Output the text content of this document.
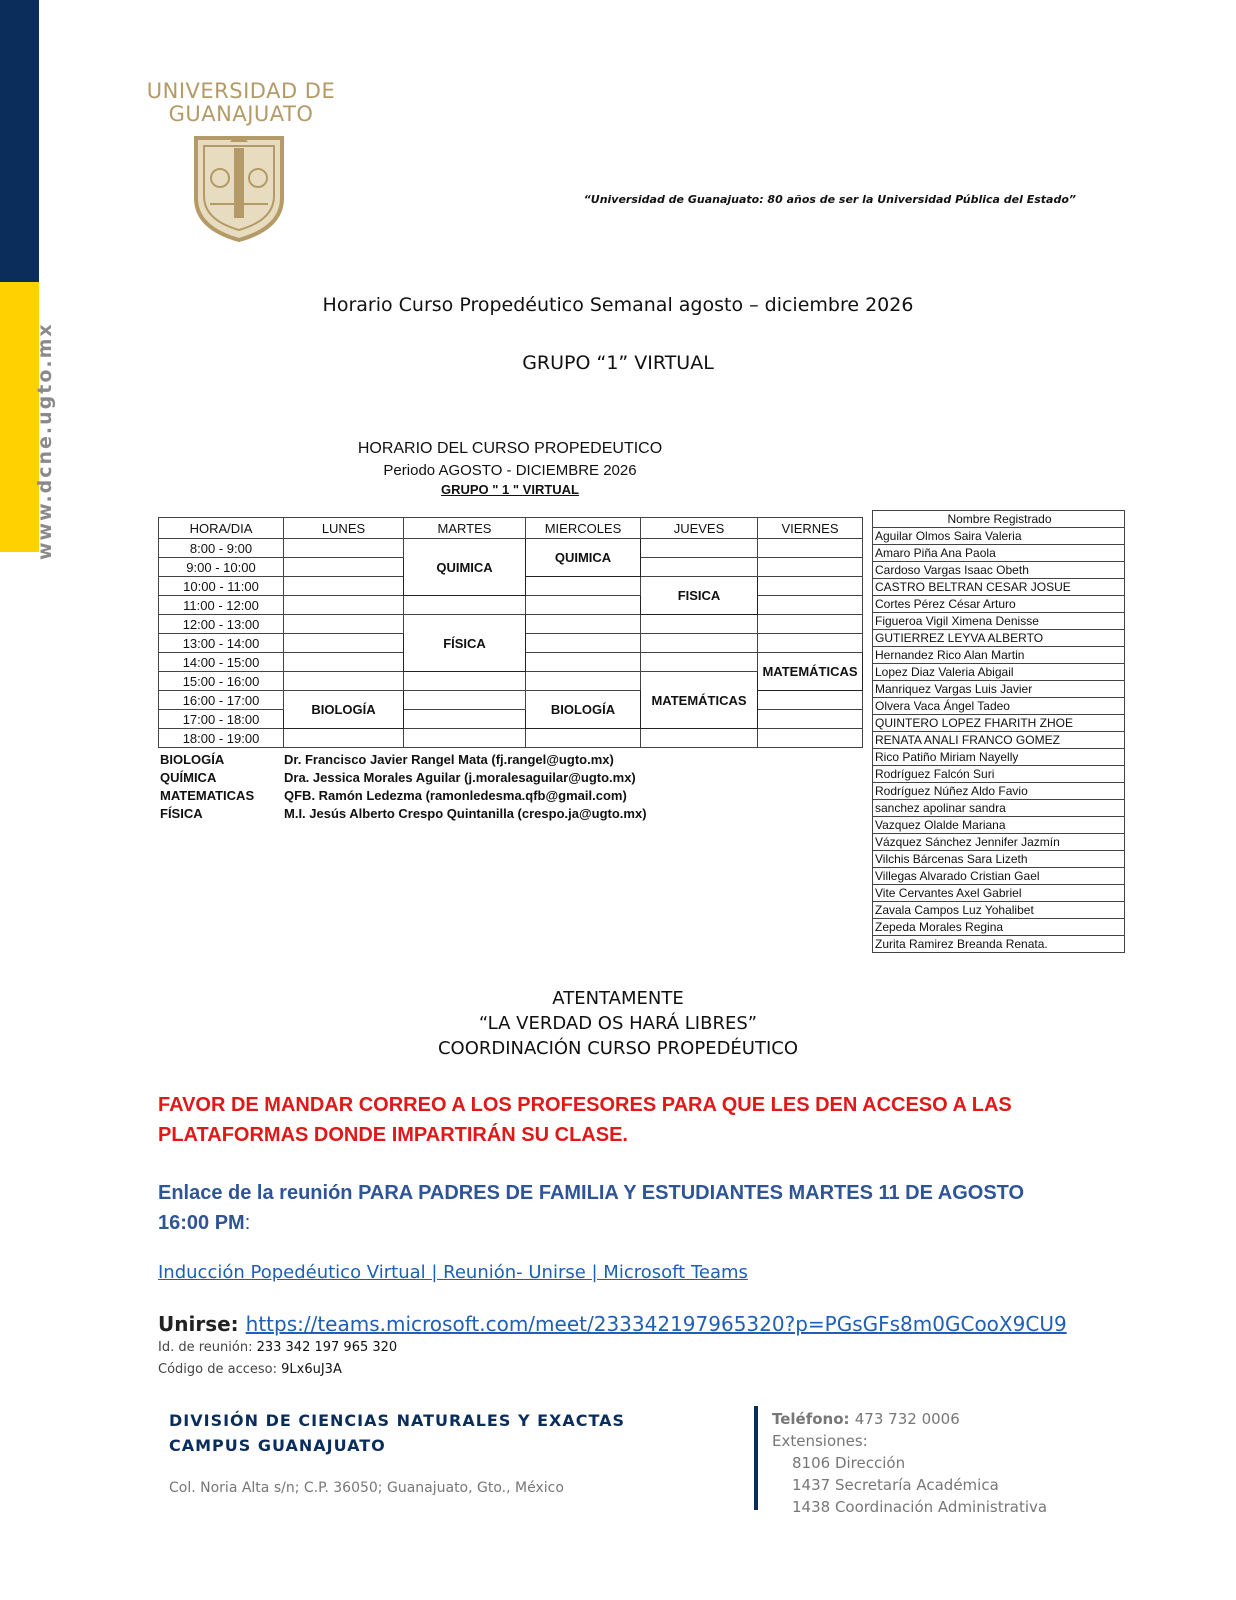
www.dcne.ugto.mx
UNIVERSIDAD DE
GUANAJUATO
“Universidad de Guanajuato: 80 años de ser la Universidad Pública del Estado”
Horario Curso Propedéutico Semanal agosto – diciembre 2026
GRUPO “1” VIRTUAL
HORARIO DEL CURSO PROPEDEUTICO
Periodo AGOSTO - DICIEMBRE 2026
GRUPO " 1 " VIRTUAL
HORA/DIA	LUNES	MARTES	MIERCOLES	JUEVES	VIERNES
8:00 - 9:00		QUIMICA	QUIMICA		
9:00 - 10:00					
10:00 - 11:00				FISICA	
11:00 - 12:00					
12:00 - 13:00		FÍSICA			
13:00 - 14:00					
14:00 - 15:00					MATEMÁTICAS
15:00 - 16:00				MATEMÁTICAS	
16:00 - 17:00	BIOLOGÍA		BIOLOGÍA		
17:00 - 18:00					
18:00 - 19:00					
BIOLOGÍA	Dr. Francisco Javier Rangel Mata (fj.rangel@ugto.mx)
QUÍMICA	Dra. Jessica Morales Aguilar (j.moralesaguilar@ugto.mx)
MATEMATICAS QFB. Ramón Ledezma (ramonledesma.qfb@gmail.com)
FÍSICA	M.I. Jesús Alberto Crespo Quintanilla (crespo.ja@ugto.mx)
Nombre Registrado
Aguilar Olmos Saira Valeria
Amaro Piña Ana Paola
Cardoso Vargas Isaac Obeth
CASTRO BELTRAN CESAR JOSUE
Cortes Pérez César Arturo
Figueroa Vigil Ximena Denisse
GUTIERREZ LEYVA ALBERTO
Hernandez Rico Alan Martin
Lopez Diaz Valeria Abigail
Manriquez Vargas Luis Javier
Olvera Vaca Ángel Tadeo
QUINTERO LOPEZ FHARITH ZHOE
RENATA ANALI FRANCO GOMEZ
Rico Patiño Miriam Nayelly
Rodríguez Falcón Suri
Rodríguez Núñez Aldo Favio
sanchez apolinar sandra
Vazquez Olalde Mariana
Vázquez Sánchez Jennifer Jazmín
Vilchis Bárcenas Sara Lizeth
Villegas Alvarado Cristian Gael
Vite Cervantes Axel Gabriel
Zavala Campos Luz Yohalibet
Zepeda Morales Regina
Zurita Ramirez Breanda Renata.
ATENTAMENTE
“LA VERDAD OS HARÁ LIBRES”
COORDINACIÓN CURSO PROPEDÉUTICO
FAVOR DE MANDAR CORREO A LOS PROFESORES PARA QUE LES DEN ACCESO A LAS PLATAFORMAS DONDE IMPARTIRÁN SU CLASE.
Enlace de la reunión PARA PADRES DE FAMILIA Y ESTUDIANTES MARTES 11 DE AGOSTO 16:00 PM:
Inducción Popedéutico Virtual | Reunión- Unirse | Microsoft Teams
Unirse: https://teams.microsoft.com/meet/233342197965320?p=PGsGFs8m0GCooX9CU9
Id. de reunión: 233 342 197 965 320
Código de acceso: 9Lx6uJ3A
DIVISIÓN DE CIENCIAS NATURALES Y EXACTAS
CAMPUS GUANAJUATO
Col. Noria Alta s/n; C.P. 36050; Guanajuato, Gto., México
Teléfono: 473 732 0006
Extensiones:
8106 Dirección
1437 Secretaría Académica
1438 Coordinación Administrativa
